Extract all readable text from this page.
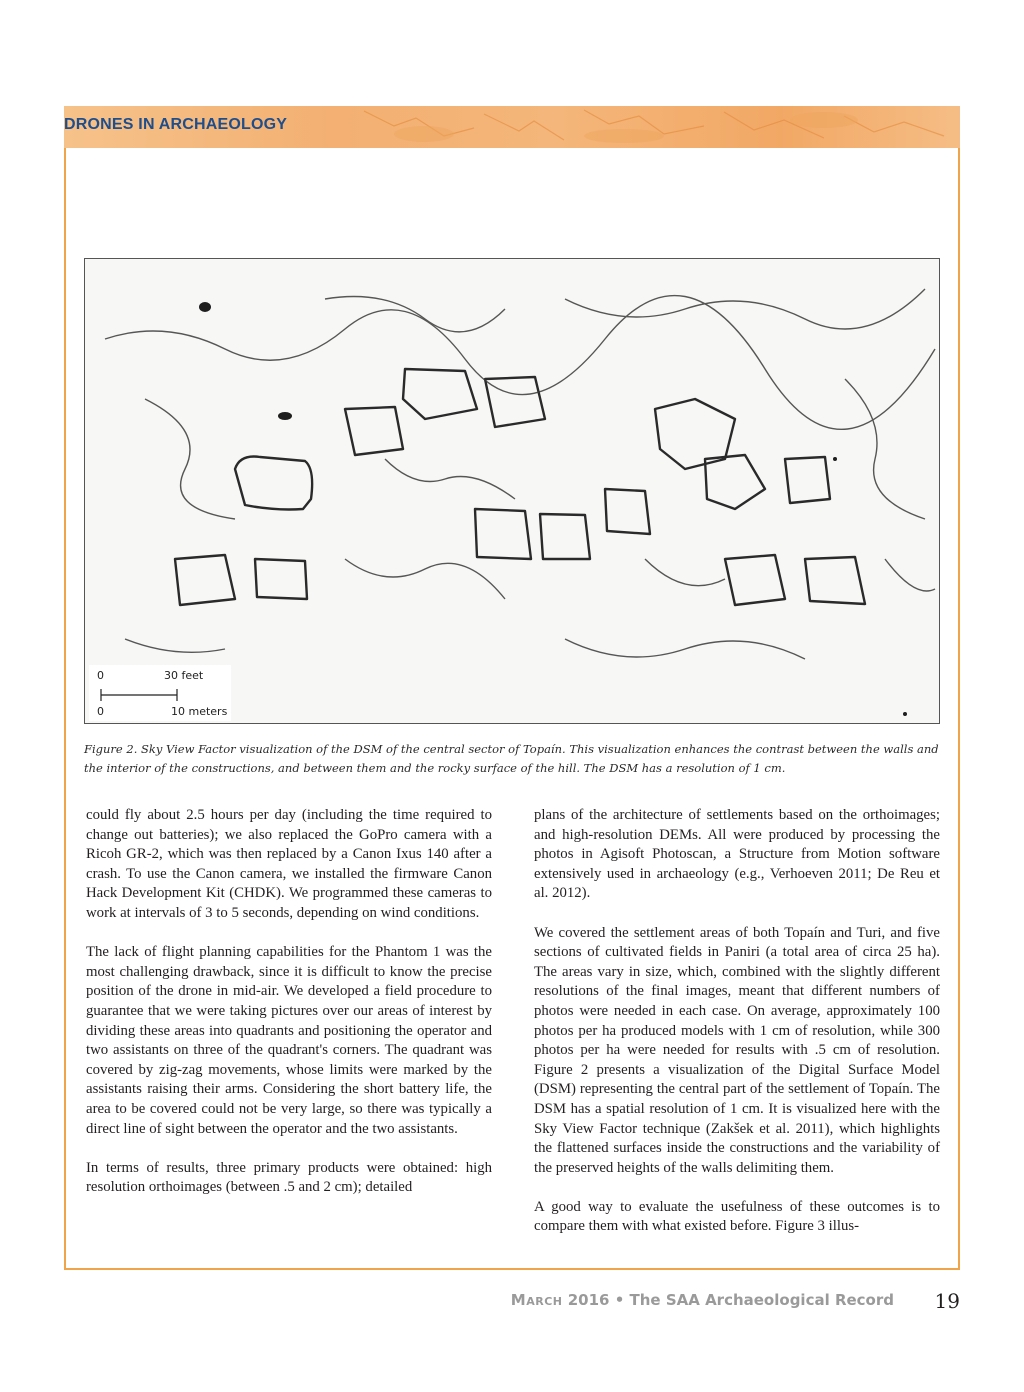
DRONES IN ARCHAEOLOGY
0	30 feet
0	10 meters

Figure 2. Sky View Factor visualization of the DSM of the central sector of Topaín. This visualization enhances the contrast between the walls and the interior of the constructions, and between them and the rocky surface of the hill. The DSM has a resolution of 1 cm.

could fly about 2.5 hours per day (including the time required to change out batteries); we also replaced the GoPro camera with a Ricoh GR-2, which was then replaced by a Canon Ixus 140 after a crash. To use the Canon camera, we installed the firmware Canon Hack Development Kit (CHDK). We programmed these cameras to work at intervals of 3 to 5 seconds, depending on wind conditions.

The lack of flight planning capabilities for the Phantom 1 was the most challenging drawback, since it is difficult to know the precise position of the drone in mid-air. We developed a field procedure to guarantee that we were taking pictures over our areas of interest by dividing these areas into quadrants and positioning the operator and two assistants on three of the quadrant's corners. The quadrant was covered by zig-zag movements, whose limits were marked by the assistants raising their arms. Considering the short battery life, the area to be covered could not be very large, so there was typically a direct line of sight between the operator and the two assistants.

In terms of results, three primary products were obtained: high resolution orthoimages (between .5 and 2 cm); detailed

plans of the architecture of settlements based on the orthoimages; and high-resolution DEMs. All were produced by processing the photos in Agisoft Photoscan, a Structure from Motion software extensively used in archaeology (e.g., Verhoeven 2011; De Reu et al. 2012).

We covered the settlement areas of both Topaín and Turi, and five sections of cultivated fields in Paniri (a total area of circa 25 ha). The areas vary in size, which, combined with the slightly different resolutions of the final images, meant that different numbers of photos were needed in each case. On average, approximately 100 photos per ha produced models with 1 cm of resolution, while 300 photos per ha were needed for results with .5 cm of resolution. Figure 2 presents a visualization of the Digital Surface Model (DSM) representing the central part of the settlement of Topaín. The DSM has a spatial resolution of 1 cm. It is visualized here with the Sky View Factor technique (Zakšek et al. 2011), which highlights the flattened surfaces inside the constructions and the variability of the preserved heights of the walls delimiting them.

A good way to evaluate the usefulness of these outcomes is to compare them with what existed before. Figure 3 illus-

March 2016 • The SAA Archaeological Record 19
